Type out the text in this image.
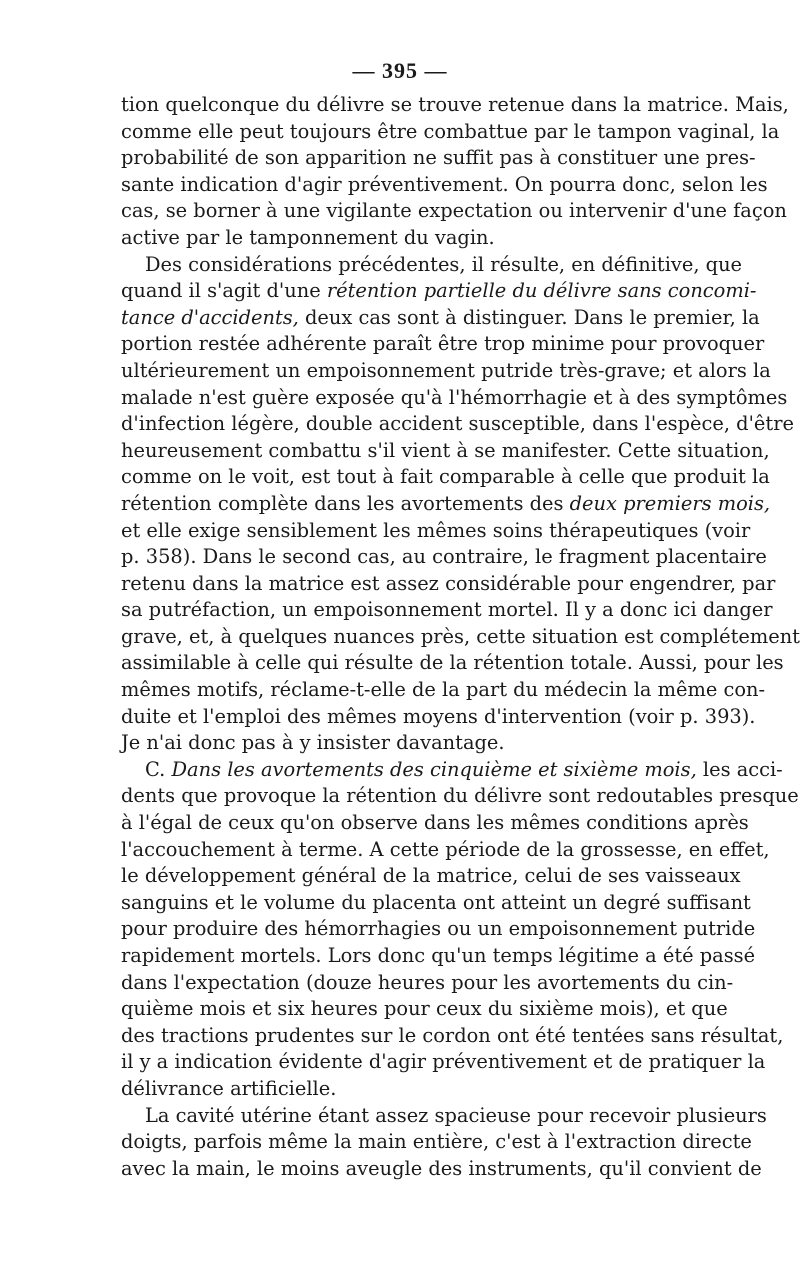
— 395 —
tion quelconque du délivre se trouve retenue dans la matrice. Mais,
comme elle peut toujours être combattue par le tampon vaginal, la
probabilité de son apparition ne suffit pas à constituer une pres-
sante indication d'agir préventivement. On pourra donc, selon les
cas, se borner à une vigilante expectation ou intervenir d'une façon
active par le tamponnement du vagin.
Des considérations précédentes, il résulte, en définitive, que
quand il s'agit d'une rétention partielle du délivre sans concomi-
tance d'accidents, deux cas sont à distinguer. Dans le premier, la
portion restée adhérente paraît être trop minime pour provoquer
ultérieurement un empoisonnement putride très-grave; et alors la
malade n'est guère exposée qu'à l'hémorrhagie et à des symptômes
d'infection légère, double accident susceptible, dans l'espèce, d'être
heureusement combattu s'il vient à se manifester. Cette situation,
comme on le voit, est tout à fait comparable à celle que produit la
rétention complète dans les avortements des deux premiers mois,
et elle exige sensiblement les mêmes soins thérapeutiques (voir
p. 358). Dans le second cas, au contraire, le fragment placentaire
retenu dans la matrice est assez considérable pour engendrer, par
sa putréfaction, un empoisonnement mortel. Il y a donc ici danger
grave, et, à quelques nuances près, cette situation est complétement
assimilable à celle qui résulte de la rétention totale. Aussi, pour les
mêmes motifs, réclame-t-elle de la part du médecin la même con-
duite et l'emploi des mêmes moyens d'intervention (voir p. 393).
Je n'ai donc pas à y insister davantage.
C. Dans les avortements des cinquième et sixième mois, les acci-
dents que provoque la rétention du délivre sont redoutables presque
à l'égal de ceux qu'on observe dans les mêmes conditions après
l'accouchement à terme. A cette période de la grossesse, en effet,
le développement général de la matrice, celui de ses vaisseaux
sanguins et le volume du placenta ont atteint un degré suffisant
pour produire des hémorrhagies ou un empoisonnement putride
rapidement mortels. Lors donc qu'un temps légitime a été passé
dans l'expectation (douze heures pour les avortements du cin-
quième mois et six heures pour ceux du sixième mois), et que
des tractions prudentes sur le cordon ont été tentées sans résultat,
il y a indication évidente d'agir préventivement et de pratiquer la
délivrance artificielle.
La cavité utérine étant assez spacieuse pour recevoir plusieurs
doigts, parfois même la main entière, c'est à l'extraction directe
avec la main, le moins aveugle des instruments, qu'il convient de
